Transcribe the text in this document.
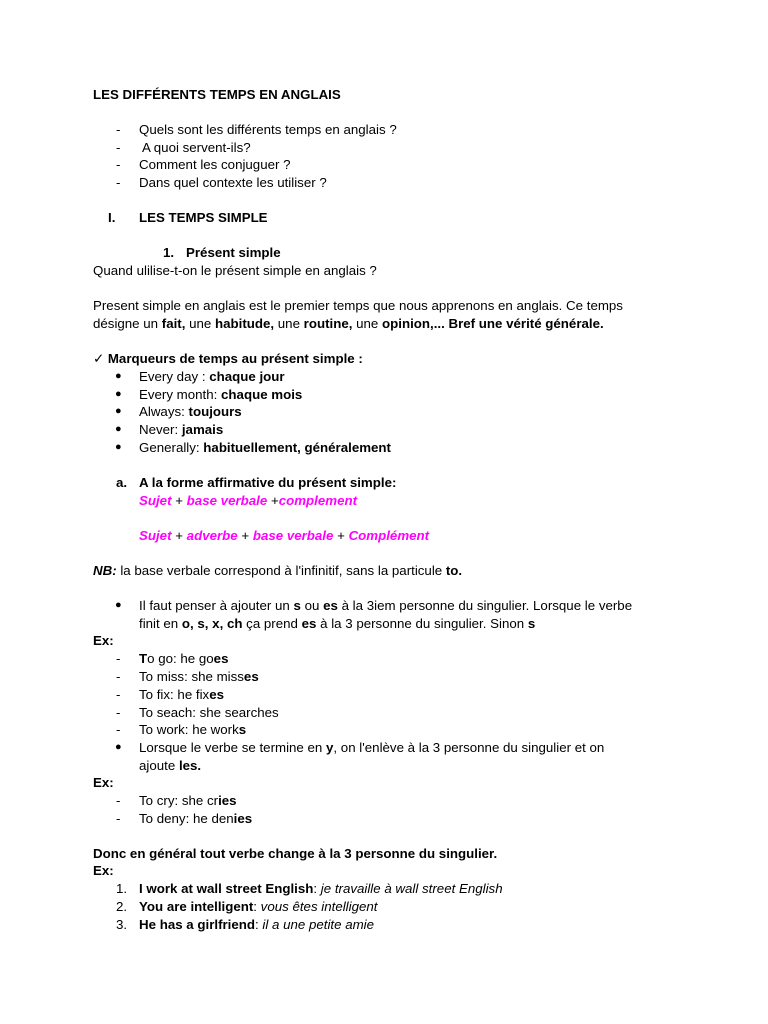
LES DIFFÉRENTS TEMPS EN ANGLAIS
- Quels sont les différents temps en anglais ?
- A quoi servent-ils?
- Comment les conjuguer ?
- Dans quel contexte les utiliser ?
I. LES TEMPS SIMPLE
1. Présent simple
Quand ulilise-t-on le présent simple en anglais ?
Present simple en anglais est le premier temps que nous apprenons en anglais. Ce temps
désigne un fait, une habitude, une routine, une opinion,... Bref une vérité générale.
✓ Marqueurs de temps au présent simple :
● Every day : chaque jour
● Every month: chaque mois
● Always: toujours
● Never: jamais
● Generally: habituellement, généralement
a. A la forme affirmative du présent simple:
Sujet + base verbale +complement
Sujet + adverbe + base verbale + Complément
NB: la base verbale correspond à l'infinitif, sans la particule to.
● Il faut penser à ajouter un s ou es à la 3iem personne du singulier. Lorsque le verbe
finit en o, s, x, ch ça prend es à la 3 personne du singulier. Sinon s
Ex:
- To go: he goes
- To miss: she misses
- To fix: he fixes
- To seach: she searches
- To work: he works
● Lorsque le verbe se termine en y, on l'enlève à la 3 personne du singulier et on
ajoute les.
Ex:
- To cry: she cries
- To deny: he denies
Donc en général tout verbe change à la 3 personne du singulier.
Ex:
1. I work at wall street English: je travaille à wall street English
2. You are intelligent: vous êtes intelligent
3. He has a girlfriend: il a une petite amie
